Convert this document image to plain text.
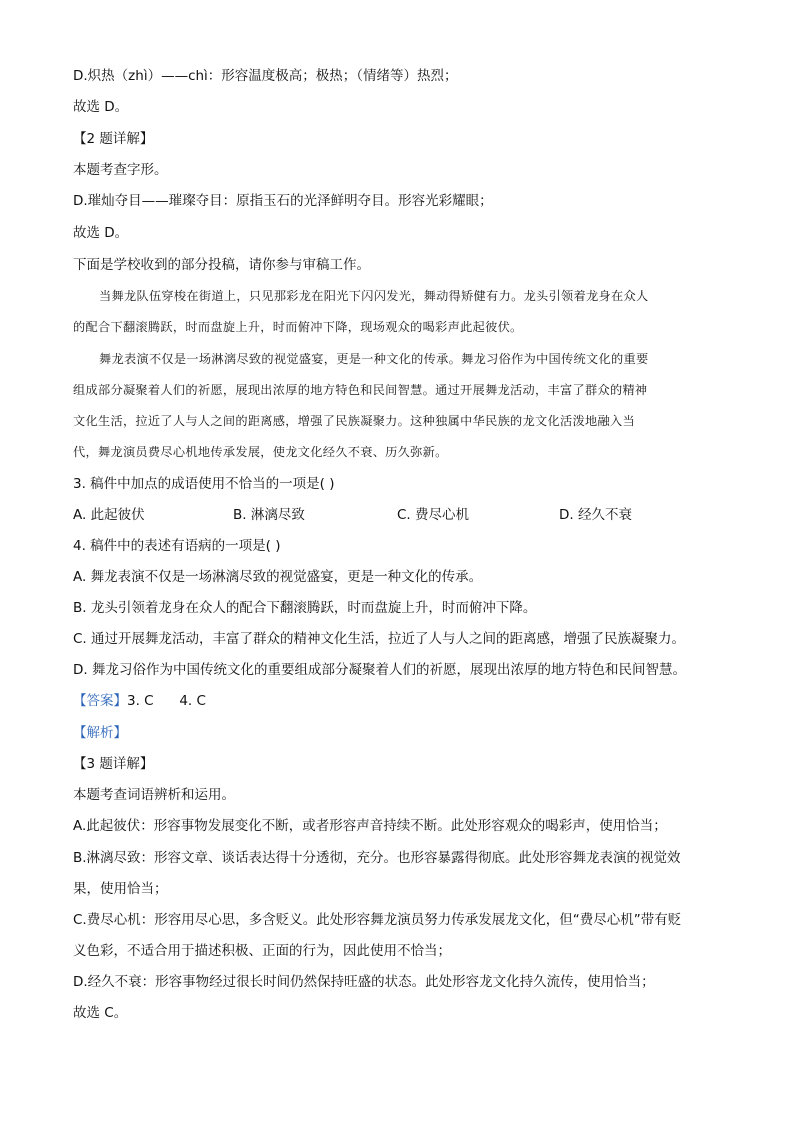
D.炽热（zhì）——chì：形容温度极高；极热；（情绪等）热烈；
故选 D。
【2 题详解】
本题考查字形。
D.璀灿夺目——璀璨夺目：原指玉石的光泽鲜明夺目。形容光彩耀眼；
故选 D。
下面是学校收到的部分投稿，请你参与审稿工作。
当舞龙队伍穿梭在街道上，只见那彩龙在阳光下闪闪发光，舞动得矫健有力。龙头引领着龙身在众人
的配合下翻滚腾跃，时而盘旋上升，时而俯冲下降，现场观众的喝彩声此起彼伏。
舞龙表演不仅是一场淋漓尽致的视觉盛宴，更是一种文化的传承。舞龙习俗作为中国传统文化的重要
组成部分凝聚着人们的祈愿，展现出浓厚的地方特色和民间智慧。通过开展舞龙活动，丰富了群众的精神
文化生活，拉近了人与人之间的距离感，增强了民族凝聚力。这种独属中华民族的龙文化活泼地融入当
代，舞龙演员费尽心机地传承发展，使龙文化经久不衰、历久弥新。
3. 稿件中加点的成语使用不恰当的一项是( )
A. 此起彼伏	B. 淋漓尽致	C. 费尽心机	D. 经久不衰
4. 稿件中的表述有语病的一项是( )
A. 舞龙表演不仅是一场淋漓尽致的视觉盛宴，更是一种文化的传承。
B. 龙头引领着龙身在众人的配合下翻滚腾跃，时而盘旋上升，时而俯冲下降。
C. 通过开展舞龙活动，丰富了群众的精神文化生活，拉近了人与人之间的距离感，增强了民族凝聚力。
D. 舞龙习俗作为中国传统文化的重要组成部分凝聚着人们的祈愿，展现出浓厚的地方特色和民间智慧。
【答案】3. C      4. C
【解析】
【3 题详解】
本题考查词语辨析和运用。
A.此起彼伏：形容事物发展变化不断，或者形容声音持续不断。此处形容观众的喝彩声，使用恰当；
B.淋漓尽致：形容文章、谈话表达得十分透彻，充分。也形容暴露得彻底。此处形容舞龙表演的视觉效
果，使用恰当；
C.费尽心机：形容用尽心思，多含贬义。此处形容舞龙演员努力传承发展龙文化，但“费尽心机”带有贬
义色彩，不适合用于描述积极、正面的行为，因此使用不恰当；
D.经久不衰：形容事物经过很长时间仍然保持旺盛的状态。此处形容龙文化持久流传，使用恰当；
故选 C。
